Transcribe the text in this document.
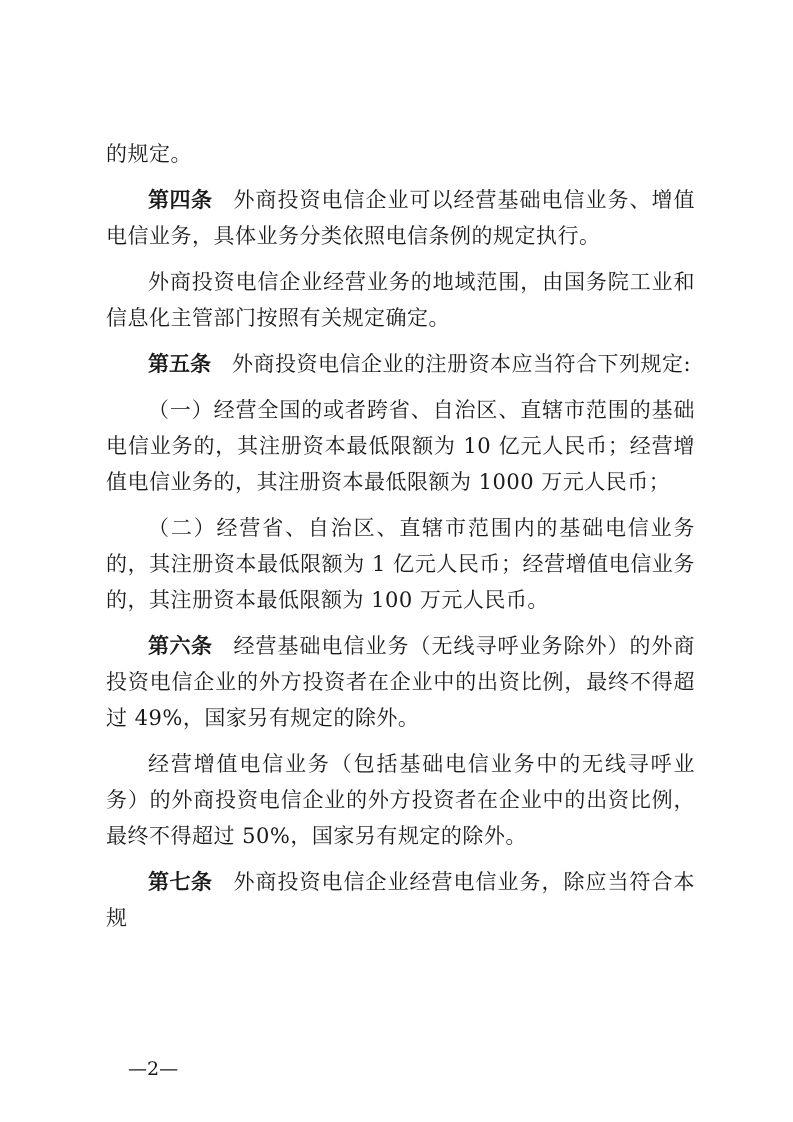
的规定。

第四条 外商投资电信企业可以经营基础电信业务、增值电信业务，具体业务分类依照电信条例的规定执行。

外商投资电信企业经营业务的地域范围，由国务院工业和信息化主管部门按照有关规定确定。

第五条 外商投资电信企业的注册资本应当符合下列规定:

（一）经营全国的或者跨省、自治区、直辖市范围的基础电信业务的，其注册资本最低限额为 10 亿元人民币；经营增值电信业务的，其注册资本最低限额为 1000 万元人民币；

（二）经营省、自治区、直辖市范围内的基础电信业务的，其注册资本最低限额为 1 亿元人民币；经营增值电信业务的，其注册资本最低限额为 100 万元人民币。

第六条 经营基础电信业务（无线寻呼业务除外）的外商投资电信企业的外方投资者在企业中的出资比例，最终不得超过 49%，国家另有规定的除外。

经营增值电信业务（包括基础电信业务中的无线寻呼业务）的外商投资电信企业的外方投资者在企业中的出资比例，最终不得超过 50%，国家另有规定的除外。

第七条 外商投资电信企业经营电信业务，除应当符合本规

—2—
